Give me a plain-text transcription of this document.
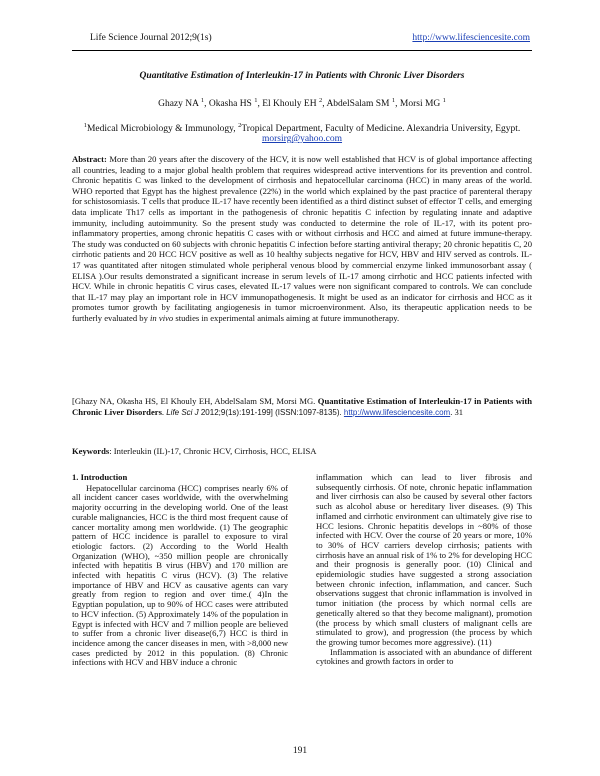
Life Science Journal 2012;9(1s)	http://www.lifesciencesite.com
Quantitative Estimation of Interleukin-17 in Patients with Chronic Liver Disorders
Ghazy NA $^1$, Okasha HS $^1$, El Khouly EH $^2$, AbdelSalam SM $^1$, Morsi MG $^1$
$^1$Medical Microbiology & Immunology, $^2$Tropical Department, Faculty of Medicine. Alexandria University, Egypt.
morsirg@yahoo.com
Abstract: More than 20 years after the discovery of the HCV, it is now well established that HCV is of global importance affecting all countries, leading to a major global health problem that requires widespread active interventions for its prevention and control. Chronic hepatitis C was linked to the development of cirrhosis and hepatocellular carcinoma (HCC) in many areas of the world. WHO reported that Egypt has the highest prevalence (22%) in the world which explained by the past practice of parenteral therapy for schistosomiasis. T cells that produce IL-17 have recently been identified as a third distinct subset of effector T cells, and emerging data implicate Th17 cells as important in the pathogenesis of chronic hepatitis C infection by regulating innate and adaptive immunity, including autoimmunity. So the present study was conducted to determine the role of IL-17, with its potent pro-inflammatory properties, among chronic hepatitis C cases with or without cirrhosis and HCC and aimed at future immune-therapy. The study was conducted on 60 subjects with chronic hepatitis C infection before starting antiviral therapy; 20 chronic hepatitis C, 20 cirrhotic patients and 20 HCC HCV positive as well as 10 healthy subjects negative for HCV, HBV and HIV served as controls. IL-17 was quantitated after nitogen stimulated whole peripheral venous blood by commercial enzyme linked immunosorbant assay ( ELISA ).Our results demonstrated a significant increase in serum levels of IL-17 among cirrhotic and HCC patients infected with HCV. While in chronic hepatitis C virus cases, elevated IL-17 values were non significant compared to controls. We can conclude that IL-17 may play an important role in HCV immunopathogenesis. It might be used as an indicator for cirrhosis and HCC as it promotes tumor growth by facilitating angiogenesis in tumor microenvironment. Also, its therapeutic application needs to be furtherly evaluated by in vivo studies in experimental animals aiming at future immunotherapy.
[Ghazy NA, Okasha HS, El Khouly EH, AbdelSalam SM, Morsi MG. Quantitative Estimation of Interleukin-17 in Patients with Chronic Liver Disorders. Life Sci J 2012;9(1s):191-199] (ISSN:1097-8135). http://www.lifesciencesite.com. 31
Keywords: Interleukin (IL)-17, Chronic HCV, Cirrhosis, HCC, ELISA
1. Introduction

Hepatocellular carcinoma (HCC) comprises nearly 6% of all incident cancer cases worldwide, with the overwhelming majority occurring in the developing world. One of the least curable malignancies, HCC is the third most frequent cause of cancer mortality among men worldwide. (1) The geographic pattern of HCC incidence is parallel to exposure to viral etiologic factors. (2) According to the World Health Organization (WHO), ~350 million people are chronically infected with hepatitis B virus (HBV) and 170 million are infected with hepatitis C virus (HCV). (3) The relative importance of HBV and HCV as causative agents can vary greatly from region to region and over time.( 4)In the Egyptian population, up to 90% of HCC cases were attributed to HCV infection. (5) Approximately 14% of the population in Egypt is infected with HCV and 7 million people are believed to suffer from a chronic liver disease(6,7) HCC is third in incidence among the cancer diseases in men, with >8,000 new cases predicted by 2012 in this population. (8) Chronic infections with HCV and HBV induce a chronic

inflammation which can lead to liver fibrosis and subsequently cirrhosis. Of note, chronic hepatic inflammation and liver cirrhosis can also be caused by several other factors such as alcohol abuse or hereditary liver diseases. (9) This inflamed and cirrhotic environment can ultimately give rise to HCC lesions. Chronic hepatitis develops in ~80% of those infected with HCV. Over the course of 20 years or more, 10% to 30% of HCV carriers develop cirrhosis; patients with cirrhosis have an annual risk of 1% to 2% for developing HCC and their prognosis is generally poor. (10) Clinical and epidemiologic studies have suggested a strong association between chronic infection, inflammation, and cancer. Such observations suggest that chronic inflammation is involved in tumor initiation (the process by which normal cells are genetically altered so that they become malignant), promotion (the process by which small clusters of malignant cells are stimulated to grow), and progression (the process by which the growing tumor becomes more aggressive). (11)

Inflammation is associated with an abundance of different cytokines and growth factors in order to

191
